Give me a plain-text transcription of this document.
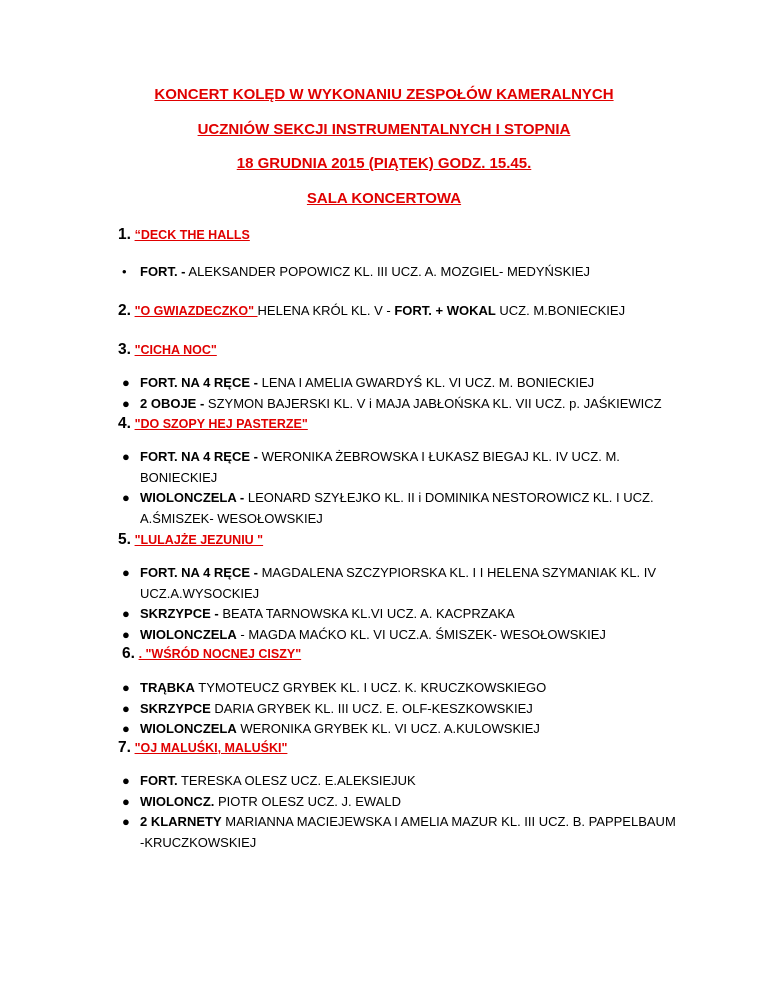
KONCERT KOLĘD W WYKONANIU ZESPOŁÓW KAMERALNYCH
UCZNIÓW SEKCJI INSTRUMENTALNYCH I STOPNIA
18 GRUDNIA 2015 (PIĄTEK) GODZ. 15.45.
SALA KONCERTOWA
1. “DECK THE HALLS
• FORT. - ALEKSANDER POPOWICZ KL. III UCZ. A. MOZGIEL- MEDYŃSKIEJ
2. "O GWIAZDECZKO" HELENA KRÓL KL. V - FORT. + WOKAL UCZ. M.BONIECKIEJ
3. "CICHA NOC"
● FORT. NA 4 RĘCE - LENA I AMELIA GWARDYŚ KL. VI UCZ. M. BONIECKIEJ
● 2 OBOJE - SZYMON BAJERSKI KL. V i MAJA JABŁOŃSKA KL. VII UCZ. p. JAŚKIEWICZ
4. "DO SZOPY HEJ PASTERZE"
● FORT. NA 4 RĘCE - WERONIKA ŻEBROWSKA I ŁUKASZ BIEGAJ KL. IV UCZ. M.
BONIECKIEJ
● WIOLONCZELA - LEONARD SZYŁEJKO KL. II i DOMINIKA NESTOROWICZ KL. I UCZ.
A.ŚMISZEK- WESOŁOWSKIEJ
5. "LULAJŻE JEZUNIU "
● FORT. NA 4 RĘCE - MAGDALENA SZCZYPIORSKA KL. I I HELENA SZYMANIAK KL. IV
UCZ.A.WYSOCKIEJ
● SKRZYPCE - BEATA TARNOWSKA KL.VI UCZ. A. KACPRZAKA
● WIOLONCZELA - MAGDA MAĆKO KL. VI UCZ.A. ŚMISZEK- WESOŁOWSKIEJ
6. . "WŚRÓD NOCNEJ CISZY"
● TRĄBKA TYMOTEUCZ GRYBEK KL. I UCZ. K. KRUCZKOWSKIEGO
● SKRZYPCE DARIA GRYBEK KL. III UCZ. E. OLF-KESZKOWSKIEJ
● WIOLONCZELA WERONIKA GRYBEK KL. VI UCZ. A.KULOWSKIEJ
7. "OJ MALUŚKI, MALUŚKI"
● FORT. TERESKA OLESZ UCZ. E.ALEKSIEJUK
● WIOLONCZ. PIOTR OLESZ UCZ. J. EWALD
● 2 KLARNETY MARIANNA MACIEJEWSKA I AMELIA MAZUR KL. III UCZ. B. PAPPELBAUM
-KRUCZKOWSKIEJ
